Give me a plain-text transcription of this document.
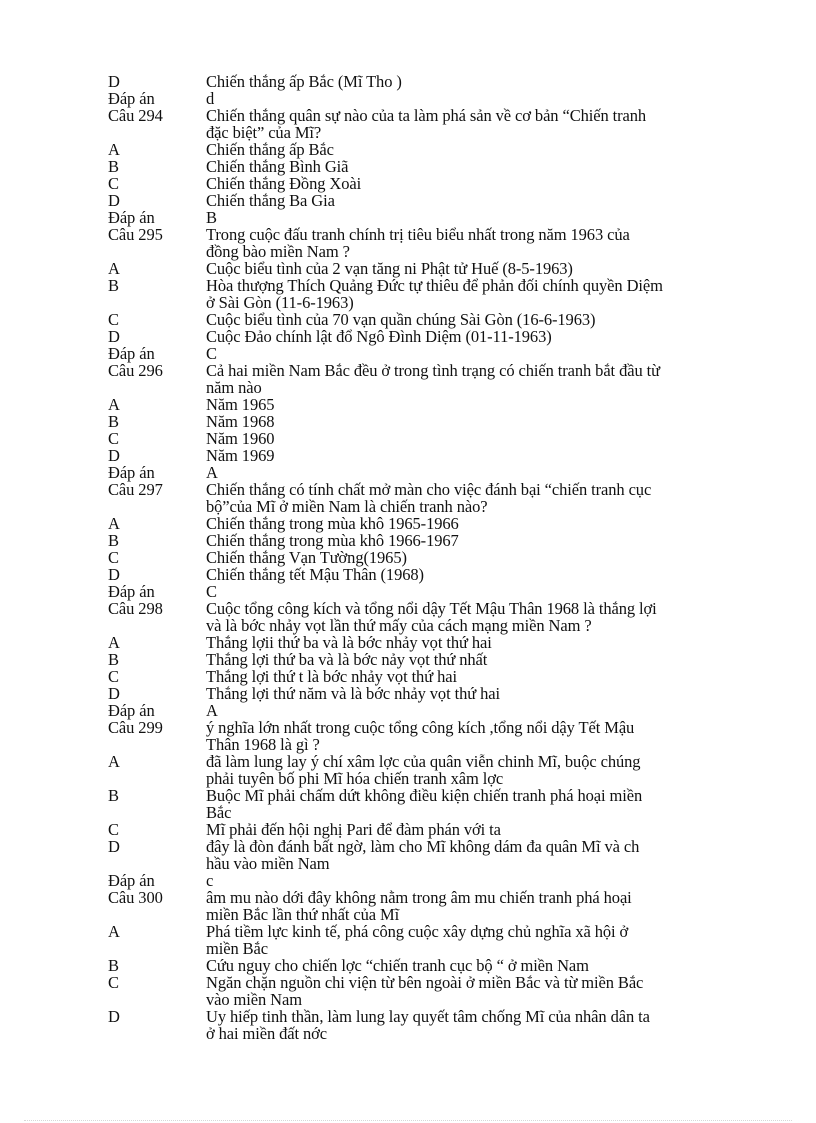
D	Chiến thắng ấp Bắc (Mĩ Tho )
Đáp án	d
Câu 294	Chiến thắng quân sự nào của ta làm phá sản về cơ bản “Chiến tranh
đặc biệt” của Mĩ?
A	Chiến thắng ấp Bắc
B	Chiến thắng Bình Giã
C	Chiến thắng Đồng Xoài
D	Chiến thắng Ba Gia
Đáp án	B
Câu 295	Trong cuộc đấu tranh chính trị tiêu biểu nhất trong năm 1963 của
đồng bào miền Nam ?
A	Cuộc biểu tình của 2 vạn tăng ni Phật tử Huế (8-5-1963)
B	Hòa thượng Thích Quảng Đức tự thiêu để phản đối chính quyền Diệm
ở Sài Gòn (11-6-1963)
C	Cuộc biểu tình của 70 vạn quần chúng Sài Gòn (16-6-1963)
D	Cuộc Đảo chính lật đổ Ngô Đình Diệm (01-11-1963)
Đáp án	C
Câu 296	Cả hai miền Nam Bắc đều ở trong tình trạng có chiến tranh bắt đầu từ
năm nào
A	Năm 1965
B	Năm 1968
C	Năm 1960
D	Năm 1969
Đáp án	A
Câu 297	Chiến thắng có tính chất mở màn cho việc đánh bại “chiến tranh cục
bộ”của Mĩ ở miền Nam là chiến tranh nào?
A	Chiến thắng trong mùa khô 1965-1966
B	Chiến thắng trong mùa khô 1966-1967
C	Chiến thắng Vạn Tường(1965)
D	Chiến thắng tết Mậu Thân (1968)
Đáp án	C
Câu 298	Cuộc tổng công kích và tổng nổi dậy Tết Mậu Thân 1968 là thắng lợi
và là bớc nhảy vọt lần thứ mấy của cách mạng miền Nam ?
A	Thắng lợii thứ ba và là bớc nhảy vọt thứ hai
B	Thắng lợi thứ ba và là bớc nảy vọt thứ nhất
C	Thắng lợi thứ t là bớc nhảy vọt thứ hai
D	Thắng lợi thứ năm và là bớc nhảy vọt thứ hai
Đáp án	A
Câu 299	ý nghĩa lớn nhất trong cuộc tổng công kích ,tổng nổi dậy Tết Mậu
Thân 1968 là gì ?
A	đã làm lung lay ý chí xâm lợc của quân viễn chinh Mĩ, buộc chúng
phải tuyên bố phi Mĩ hóa chiến tranh xâm lợc
B	Buộc Mĩ phải chấm dứt không điều kiện chiến tranh phá hoại miền
Bắc
C	Mĩ phải đến hội nghị Pari để đàm phán với ta
D	đây là đòn đánh bất ngờ, làm cho Mĩ không dám đa quân Mĩ và ch
hầu vào miền Nam
Đáp án	c
Câu 300	âm mu nào dới đây không nằm trong âm mu chiến tranh phá hoại
miền Bắc lần thứ nhất của Mĩ
A	Phá tiềm lực kinh tế, phá công cuộc xây dựng chủ nghĩa xã hội ở
miền Bắc
B	Cứu nguy cho chiến lợc “chiến tranh cục bộ “ ở miền Nam
C	Ngăn chặn nguồn chi viện từ bên ngoài ở miền Bắc và từ miền Bắc
vào miền Nam
D	Uy hiếp tinh thần, làm lung lay quyết tâm chống Mĩ của nhân dân ta
ở hai miền đất nớc
